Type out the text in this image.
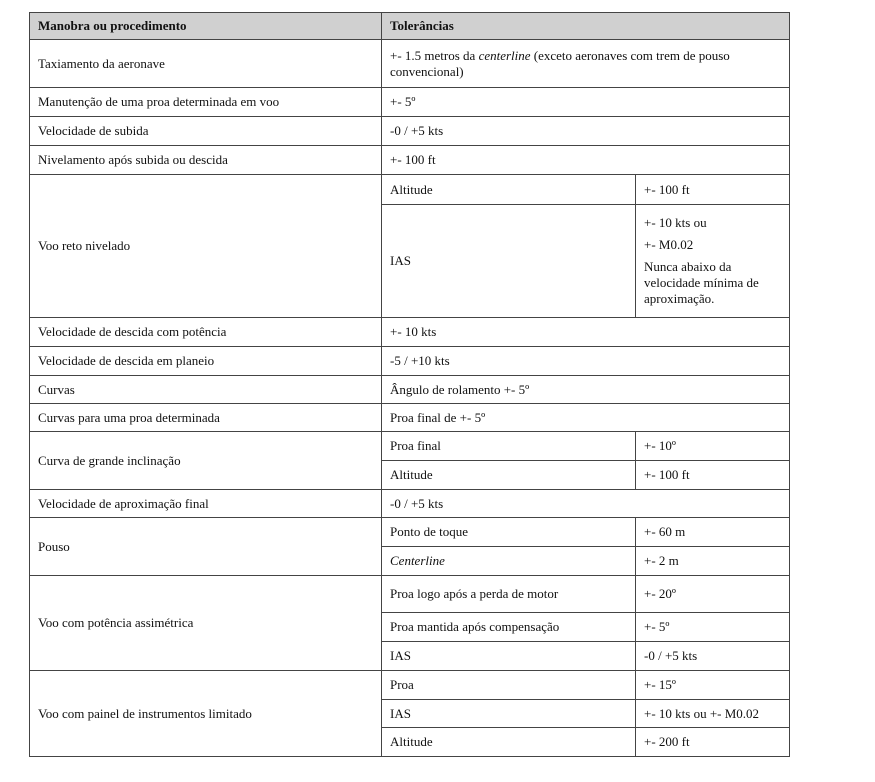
Manobra ou procedimento	Tolerâncias	
Taxiamento da aeronave	+- 1.5 metros da centerline (exceto aeronaves com trem de pouso convencional)	
Manutenção de uma proa determinada em voo	+- 5º	
Velocidade de subida	-0 / +5 kts	
Nivelamento após subida ou descida	+- 100 ft	
Voo reto nivelado	Altitude	+- 100 ft
	IAS	+- 10 kts ou

+- M0.02

Nunca abaixo da velocidade mínima de aproximação.

Velocidade de descida com potência	+- 10 kts	
Velocidade de descida em planeio	-5 / +10 kts	
Curvas	Ângulo de rolamento +- 5º	
Curvas para uma proa determinada	Proa final de +- 5º	
Curva de grande inclinação	Proa final	+- 10º
	Altitude	+- 100 ft
Velocidade de aproximação final	-0 / +5 kts	
Pouso	Ponto de toque	+- 60 m
	Centerline	+- 2 m
Voo com potência assimétrica	Proa logo após a perda de motor	+- 20º
	Proa mantida após compensação	+- 5º
	IAS	-0 / +5 kts
Voo com painel de instrumentos limitado	Proa	+- 15º
	IAS	+- 10 kts ou +- M0.02
	Altitude	+- 200 ft
